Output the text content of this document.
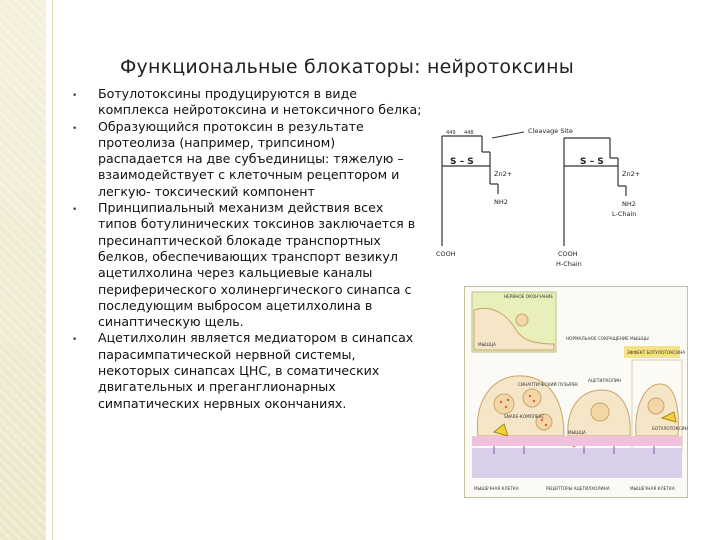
Функциональные блокаторы: нейротоксины
• Ботулотоксины продуцируются в виде комплекса нейротоксина и нетоксичного белка;
• Образующийся протоксин в результате протеолиза (например, трипсином) распадается на две субъединицы: тяжелую – взаимодействует с клеточным рецептором и легкую- токсический компонент
• Принципиальный механизм действия всех типов ботулинических токсинов заключается в пресинаптической блокаде транспортных белков, обеспечивающих транспорт везикул ацетилхолина через кальциевые каналы периферического холинергического синапса с последующим выбросом ацетилхолина в синаптическую щель.
• Ацетилхолин является медиатором в синапсах парасимпатической нервной системы, некоторых синапсах ЦНС, в соматических двигательных и преганглионарных симпатических нервных окончаниях.
Cleavage Site
449 448
S – S	S – S
Zn2+	Zn2+
NH2	NH2
L-Chain
COOH	COOH
H-Chain
НЕРВНОЕ ОКОНЧАНИЕ
МЫШЦА
НОРМАЛЬНОЕ СОКРАЩЕНИЕ МЫШЦЫ
ЭФФЕКТ БОТУЛОТОКСИНА
СИНАПТИЧЕСКИЙ ПУЗЫРЕК
АЦЕТИЛХОЛИН
SNARE-КОМПЛЕКС
БОТУЛОТОКСИН
МЫШЦА
МЫШЕЧНАЯ КЛЕТКА	РЕЦЕПТОРЫ АЦЕТИЛХОЛИНА	МЫШЕЧНАЯ КЛЕТКА
